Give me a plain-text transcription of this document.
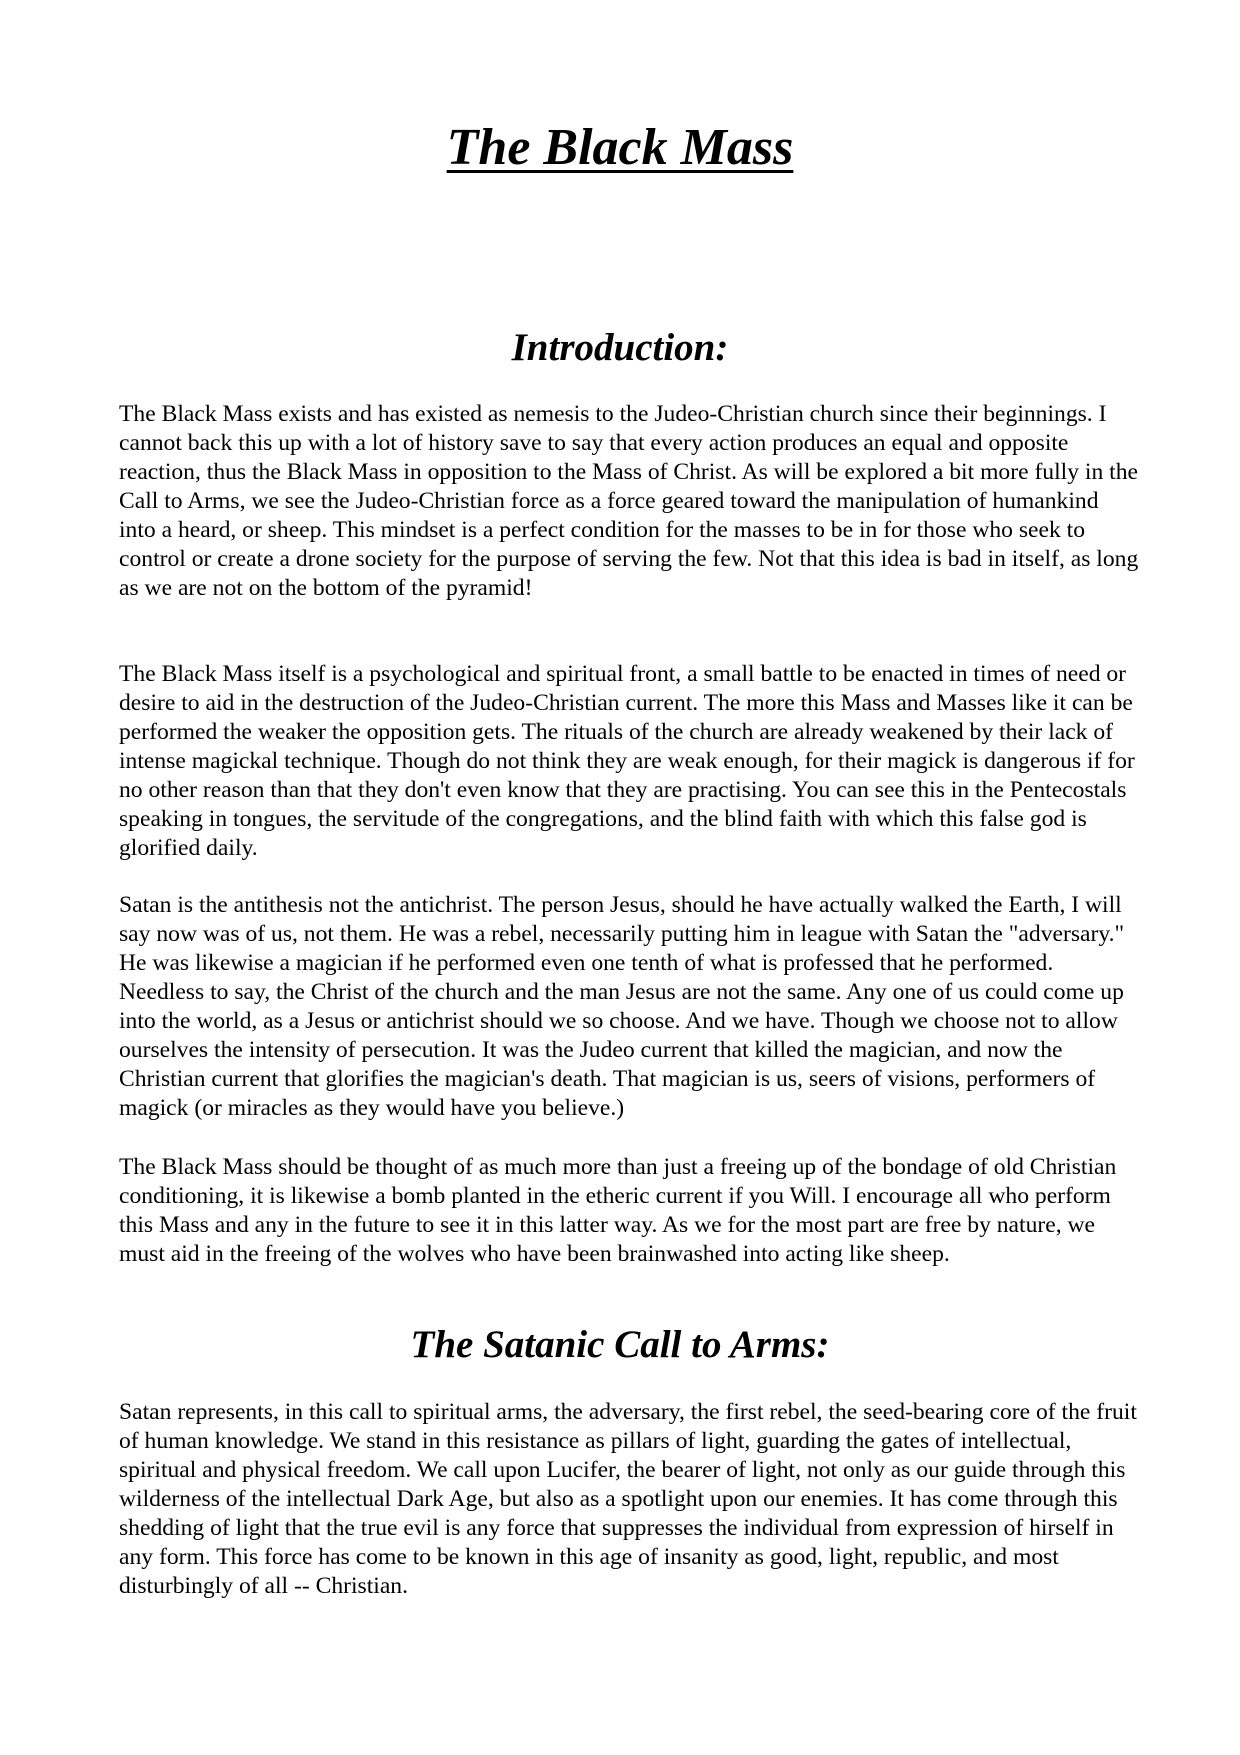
The Black Mass
Introduction:

The Black Mass exists and has existed as nemesis to the Judeo-Christian church since their beginnings. I cannot back this up with a lot of history save to say that every action produces an equal and opposite reaction, thus the Black Mass in opposition to the Mass of Christ. As will be explored a bit more fully in the Call to Arms, we see the Judeo-Christian force as a force geared toward the manipulation of humankind into a heard, or sheep. This mindset is a perfect condition for the masses to be in for those who seek to control or create a drone society for the purpose of serving the few. Not that this idea is bad in itself, as long as we are not on the bottom of the pyramid!

The Black Mass itself is a psychological and spiritual front, a small battle to be enacted in times of need or desire to aid in the destruction of the Judeo-Christian current. The more this Mass and Masses like it can be performed the weaker the opposition gets. The rituals of the church are already weakened by their lack of intense magickal technique. Though do not think they are weak enough, for their magick is dangerous if for no other reason than that they don't even know that they are practising. You can see this in the Pentecostals speaking in tongues, the servitude of the congregations, and the blind faith with which this false god is glorified daily.

Satan is the antithesis not the antichrist. The person Jesus, should he have actually walked the Earth, I will say now was of us, not them. He was a rebel, necessarily putting him in league with Satan the "adversary." He was likewise a magician if he performed even one tenth of what is professed that he performed. Needless to say, the Christ of the church and the man Jesus are not the same. Any one of us could come up into the world, as a Jesus or antichrist should we so choose. And we have. Though we choose not to allow ourselves the intensity of persecution. It was the Judeo current that killed the magician, and now the Christian current that glorifies the magician's death. That magician is us, seers of visions, performers of magick (or miracles as they would have you believe.)

The Black Mass should be thought of as much more than just a freeing up of the bondage of old Christian conditioning, it is likewise a bomb planted in the etheric current if you Will. I encourage all who perform this Mass and any in the future to see it in this latter way. As we for the most part are free by nature, we must aid in the freeing of the wolves who have been brainwashed into acting like sheep.

The Satanic Call to Arms:

Satan represents, in this call to spiritual arms, the adversary, the first rebel, the seed-bearing core of the fruit of human knowledge. We stand in this resistance as pillars of light, guarding the gates of intellectual, spiritual and physical freedom. We call upon Lucifer, the bearer of light, not only as our guide through this wilderness of the intellectual Dark Age, but also as a spotlight upon our enemies. It has come through this shedding of light that the true evil is any force that suppresses the individual from expression of hirself in any form. This force has come to be known in this age of insanity as good, light, republic, and most disturbingly of all -- Christian.
